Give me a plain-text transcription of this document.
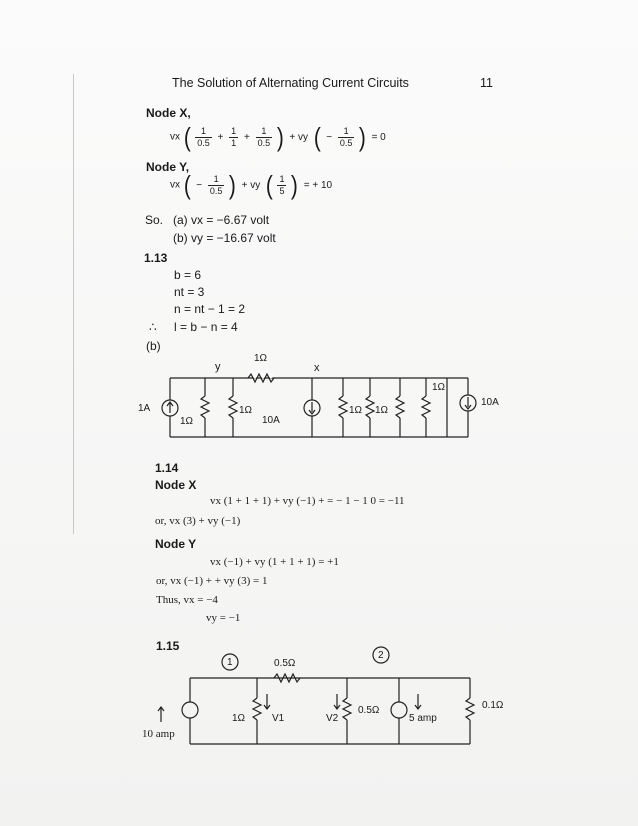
The Solution of Alternating Current Circuits	11
Node X,
vx ( $\frac{1}{0.5} + \frac{1}{1} + \frac{1}{0.5}$ ) + vy ( − $\frac{1}{0.5}$ ) = 0
Node Y,
vx ( − $\frac{1}{0.5}$ ) + vy ( $\frac{1}{5}$ ) = + 10
So. (a) vx = −6.67 volt
(b) vy = −16.67 volt
1.13
b = 6
nt = 3
n = nt − 1 = 2
∴ l = b − n = 4
(b)
y	x
1Ω
1A
1Ω
1Ω
10A
1Ω 1Ω
1Ω
10A
1.14
Node X
vx (1 + 1 + 1) + vy (−1) + = − 1 − 1 0 = −11
or, vx (3) + vy (−1)
Node Y
vx (−1) + vy (1 + 1 + 1) = +1
or, vx (−1) + + vy (3) = 1
Thus, vx = −4
vy = −1
1.15
1
2
0.5Ω
10 amp
1Ω	V1	V2
0.5Ω
5 amp
0.1Ω
